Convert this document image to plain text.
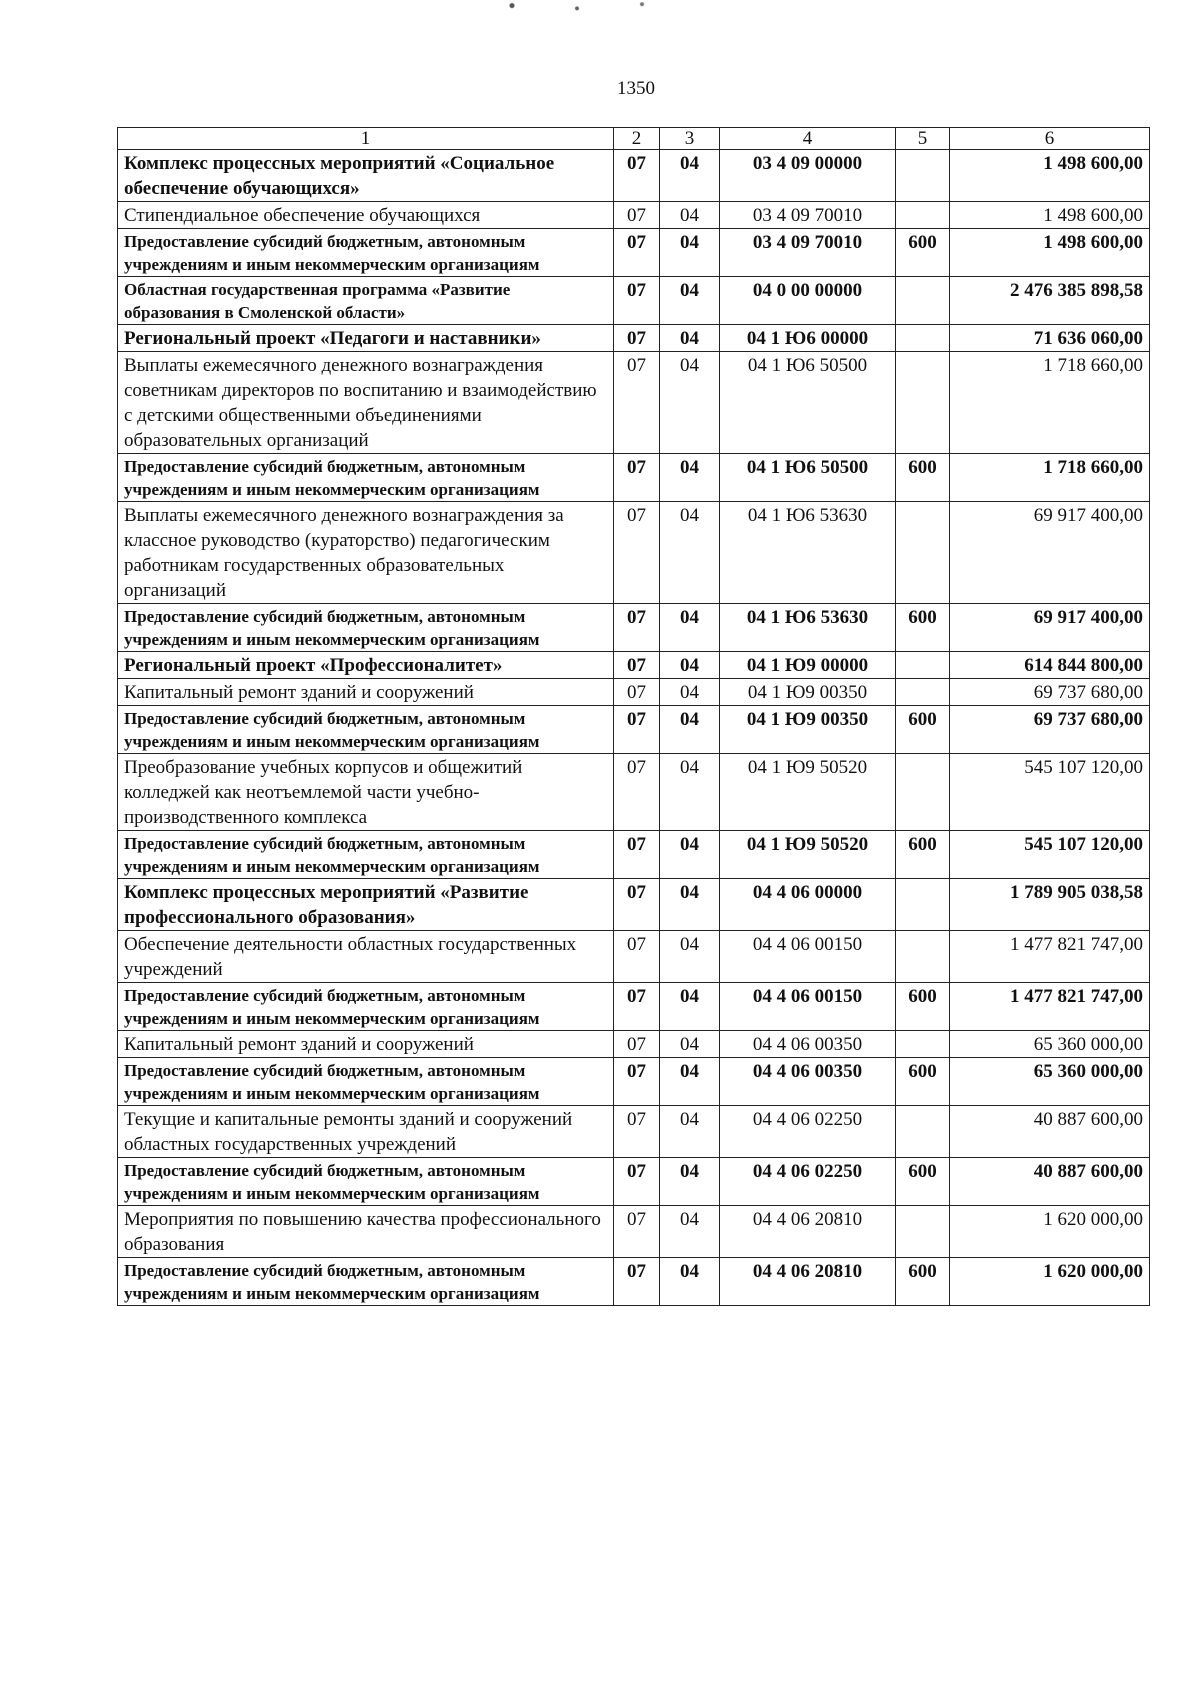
1350
1	2	3	4	5	6
Комплекс процессных мероприятий «Социальное обеспечение обучающихся»	07	04	03 4 09 00000		1 498 600,00
Стипендиальное обеспечение обучающихся	07	04	03 4 09 70010		1 498 600,00
Предоставление субсидий бюджетным, автономным учреждениям и иным некоммерческим организациям	07	04	03 4 09 70010	600	1 498 600,00
Областная государственная программа «Развитие образования в Смоленской области»	07	04	04 0 00 00000		2 476 385 898,58
Региональный проект «Педагоги и наставники»	07	04	04 1 Ю6 00000		71 636 060,00
Выплаты ежемесячного денежного вознаграждения советникам директоров по воспитанию и взаимодействию с детскими общественными объединениями образовательных организаций	07	04	04 1 Ю6 50500		1 718 660,00
Предоставление субсидий бюджетным, автономным учреждениям и иным некоммерческим организациям	07	04	04 1 Ю6 50500	600	1 718 660,00
Выплаты ежемесячного денежного вознаграждения за классное руководство (кураторство) педагогическим работникам государственных образовательных организаций	07	04	04 1 Ю6 53630		69 917 400,00
Предоставление субсидий бюджетным, автономным учреждениям и иным некоммерческим организациям	07	04	04 1 Ю6 53630	600	69 917 400,00
Региональный проект «Профессионалитет»	07	04	04 1 Ю9 00000		614 844 800,00
Капитальный ремонт зданий и сооружений	07	04	04 1 Ю9 00350		69 737 680,00
Предоставление субсидий бюджетным, автономным учреждениям и иным некоммерческим организациям	07	04	04 1 Ю9 00350	600	69 737 680,00
Преобразование учебных корпусов и общежитий колледжей как неотъемлемой части учебно-производственного комплекса	07	04	04 1 Ю9 50520		545 107 120,00
Предоставление субсидий бюджетным, автономным учреждениям и иным некоммерческим организациям	07	04	04 1 Ю9 50520	600	545 107 120,00
Комплекс процессных мероприятий «Развитие профессионального образования»	07	04	04 4 06 00000		1 789 905 038,58
Обеспечение деятельности областных государственных учреждений	07	04	04 4 06 00150		1 477 821 747,00
Предоставление субсидий бюджетным, автономным учреждениям и иным некоммерческим организациям	07	04	04 4 06 00150	600	1 477 821 747,00
Капитальный ремонт зданий и сооружений	07	04	04 4 06 00350		65 360 000,00
Предоставление субсидий бюджетным, автономным учреждениям и иным некоммерческим организациям	07	04	04 4 06 00350	600	65 360 000,00
Текущие и капитальные ремонты зданий и сооружений областных государственных учреждений	07	04	04 4 06 02250		40 887 600,00
Предоставление субсидий бюджетным, автономным учреждениям и иным некоммерческим организациям	07	04	04 4 06 02250	600	40 887 600,00
Мероприятия по повышению качества профессионального образования	07	04	04 4 06 20810		1 620 000,00
Предоставление субсидий бюджетным, автономным учреждениям и иным некоммерческим организациям	07	04	04 4 06 20810	600	1 620 000,00
